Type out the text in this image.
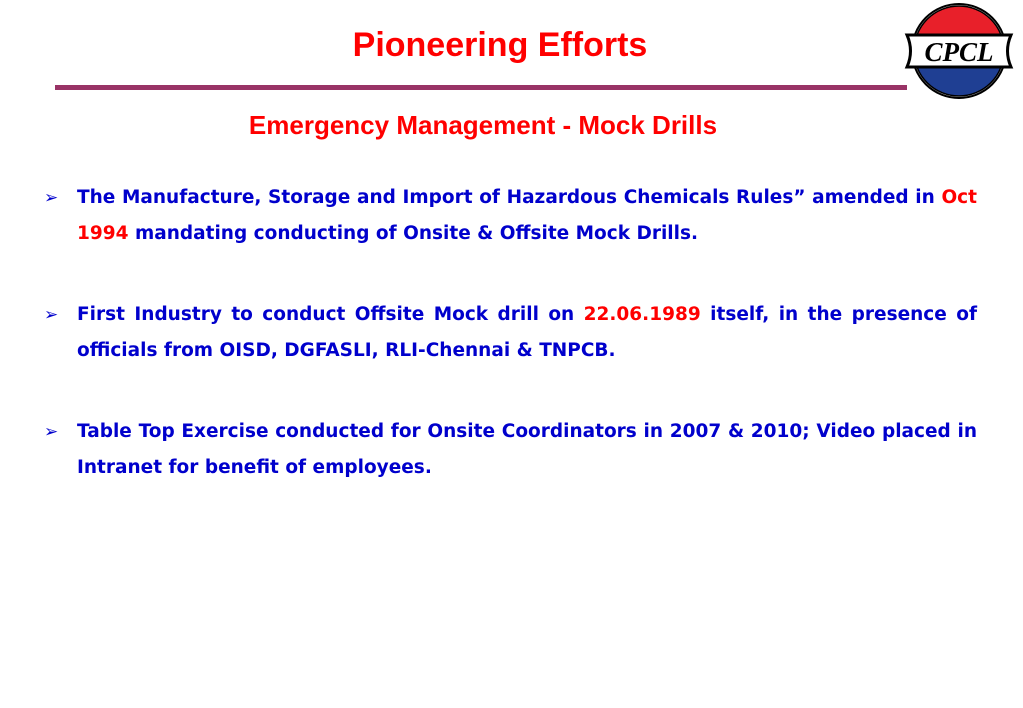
Pioneering Efforts	CPCL
Emergency Management - Mock Drills
➢ The Manufacture, Storage and Import of Hazardous Chemicals Rules” amended in Oct 1994 mandating conducting of Onsite & Offsite Mock Drills.
➢ First Industry to conduct Offsite Mock drill on 22.06.1989 itself, in the presence of officials from OISD, DGFASLI, RLI-Chennai & TNPCB.
➢ Table Top Exercise conducted for Onsite Coordinators in 2007 & 2010; Video placed in Intranet for benefit of employees.
